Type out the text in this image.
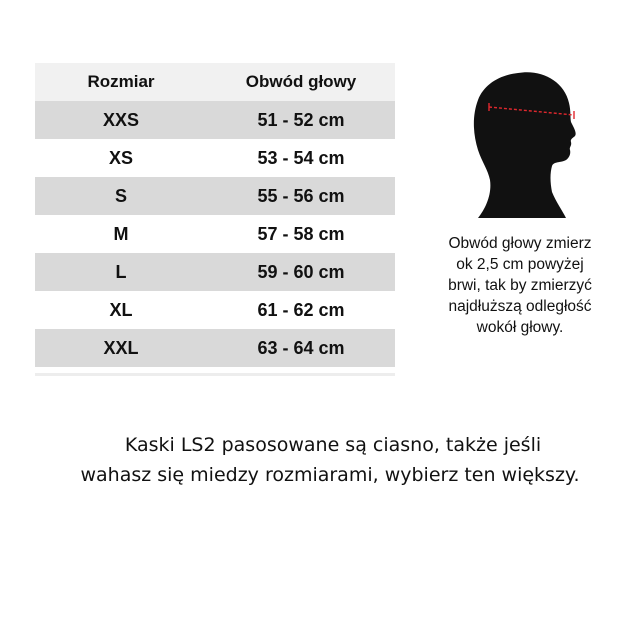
Rozmiar	Obwód głowy
XXS	51 - 52 cm
XS	53 - 54 cm
S	55 - 56 cm
M	57 - 58 cm
L	59 - 60 cm
XL	61 - 62 cm
XXL	63 - 64 cm
Obwód głowy zmierz
ok 2,5 cm powyżej
brwi, tak by zmierzyć
najdłuższą odległość
wokół głowy.
Kaski LS2 pasosowane są ciasno, także jeśli
wahasz się miedzy rozmiarami, wybierz ten większy.
